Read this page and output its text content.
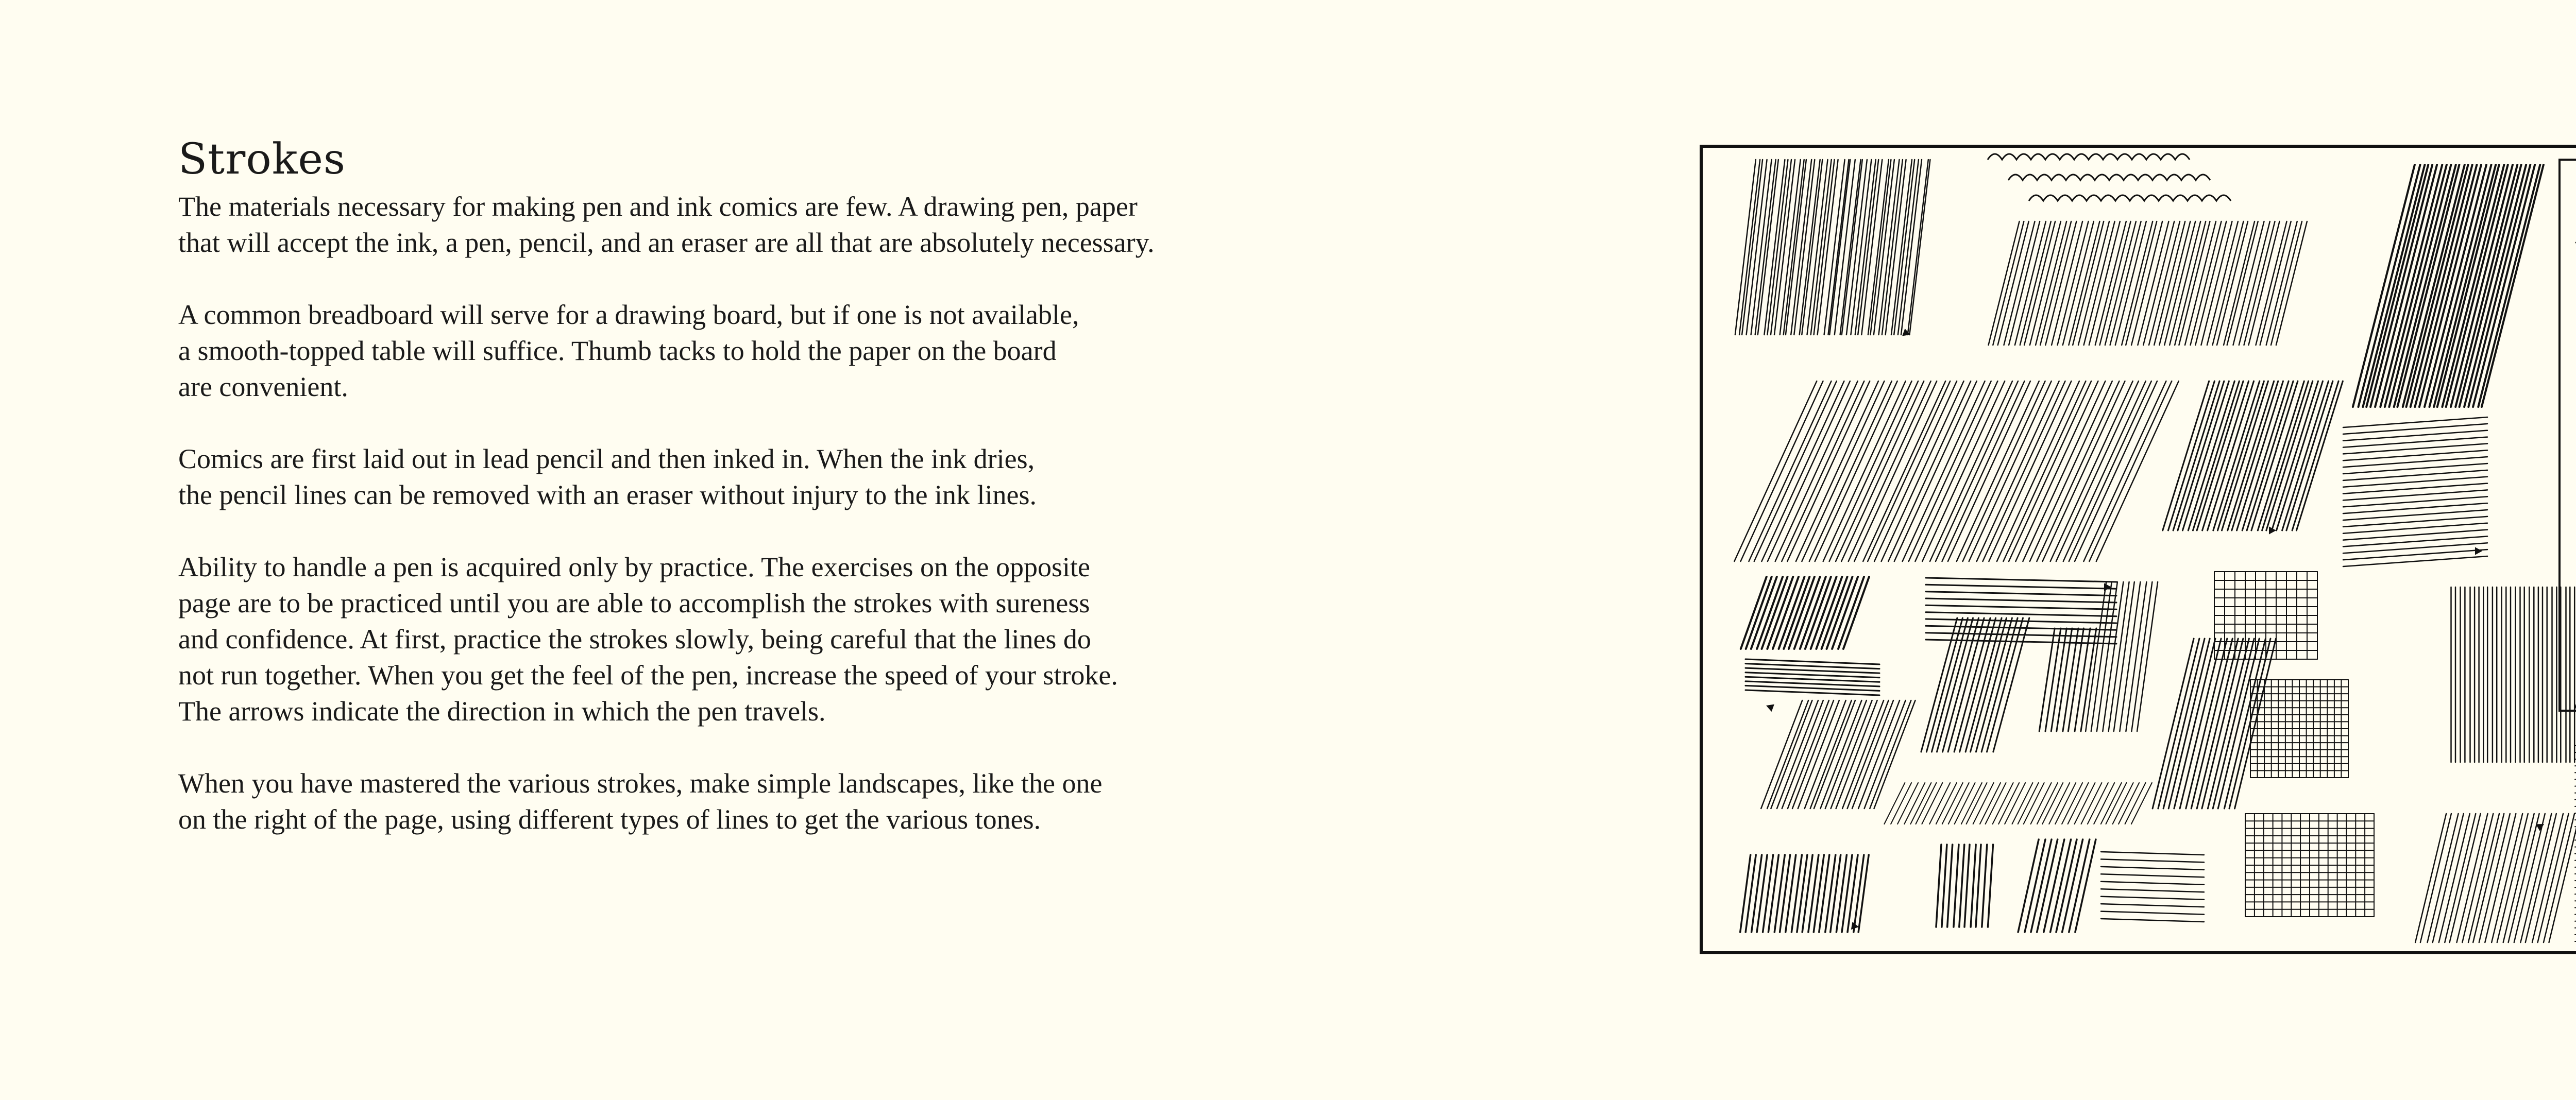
Strokes
The materials necessary for making pen and ink comics are few. A drawing pen, paper
that will accept the ink, a pen, pencil, and an eraser are all that are absolutely necessary.
A common breadboard will serve for a drawing board, but if one is not available,
a smooth-topped table will suffice. Thumb tacks to hold the paper on the board
are convenient.
Comics are first laid out in lead pencil and then inked in. When the ink dries,
the pencil lines can be removed with an eraser without injury to the ink lines.
Ability to handle a pen is acquired only by practice. The exercises on the opposite
page are to be practiced until you are able to accomplish the strokes with sureness
and confidence. At first, practice the strokes slowly, being careful that the lines do
not run together. When you get the feel of the pen, increase the speed of your stroke.
The arrows indicate the direction in which the pen travels.
When you have mastered the various strokes, make simple landscapes, like the one
on the right of the page, using different types of lines to get the various tones.
